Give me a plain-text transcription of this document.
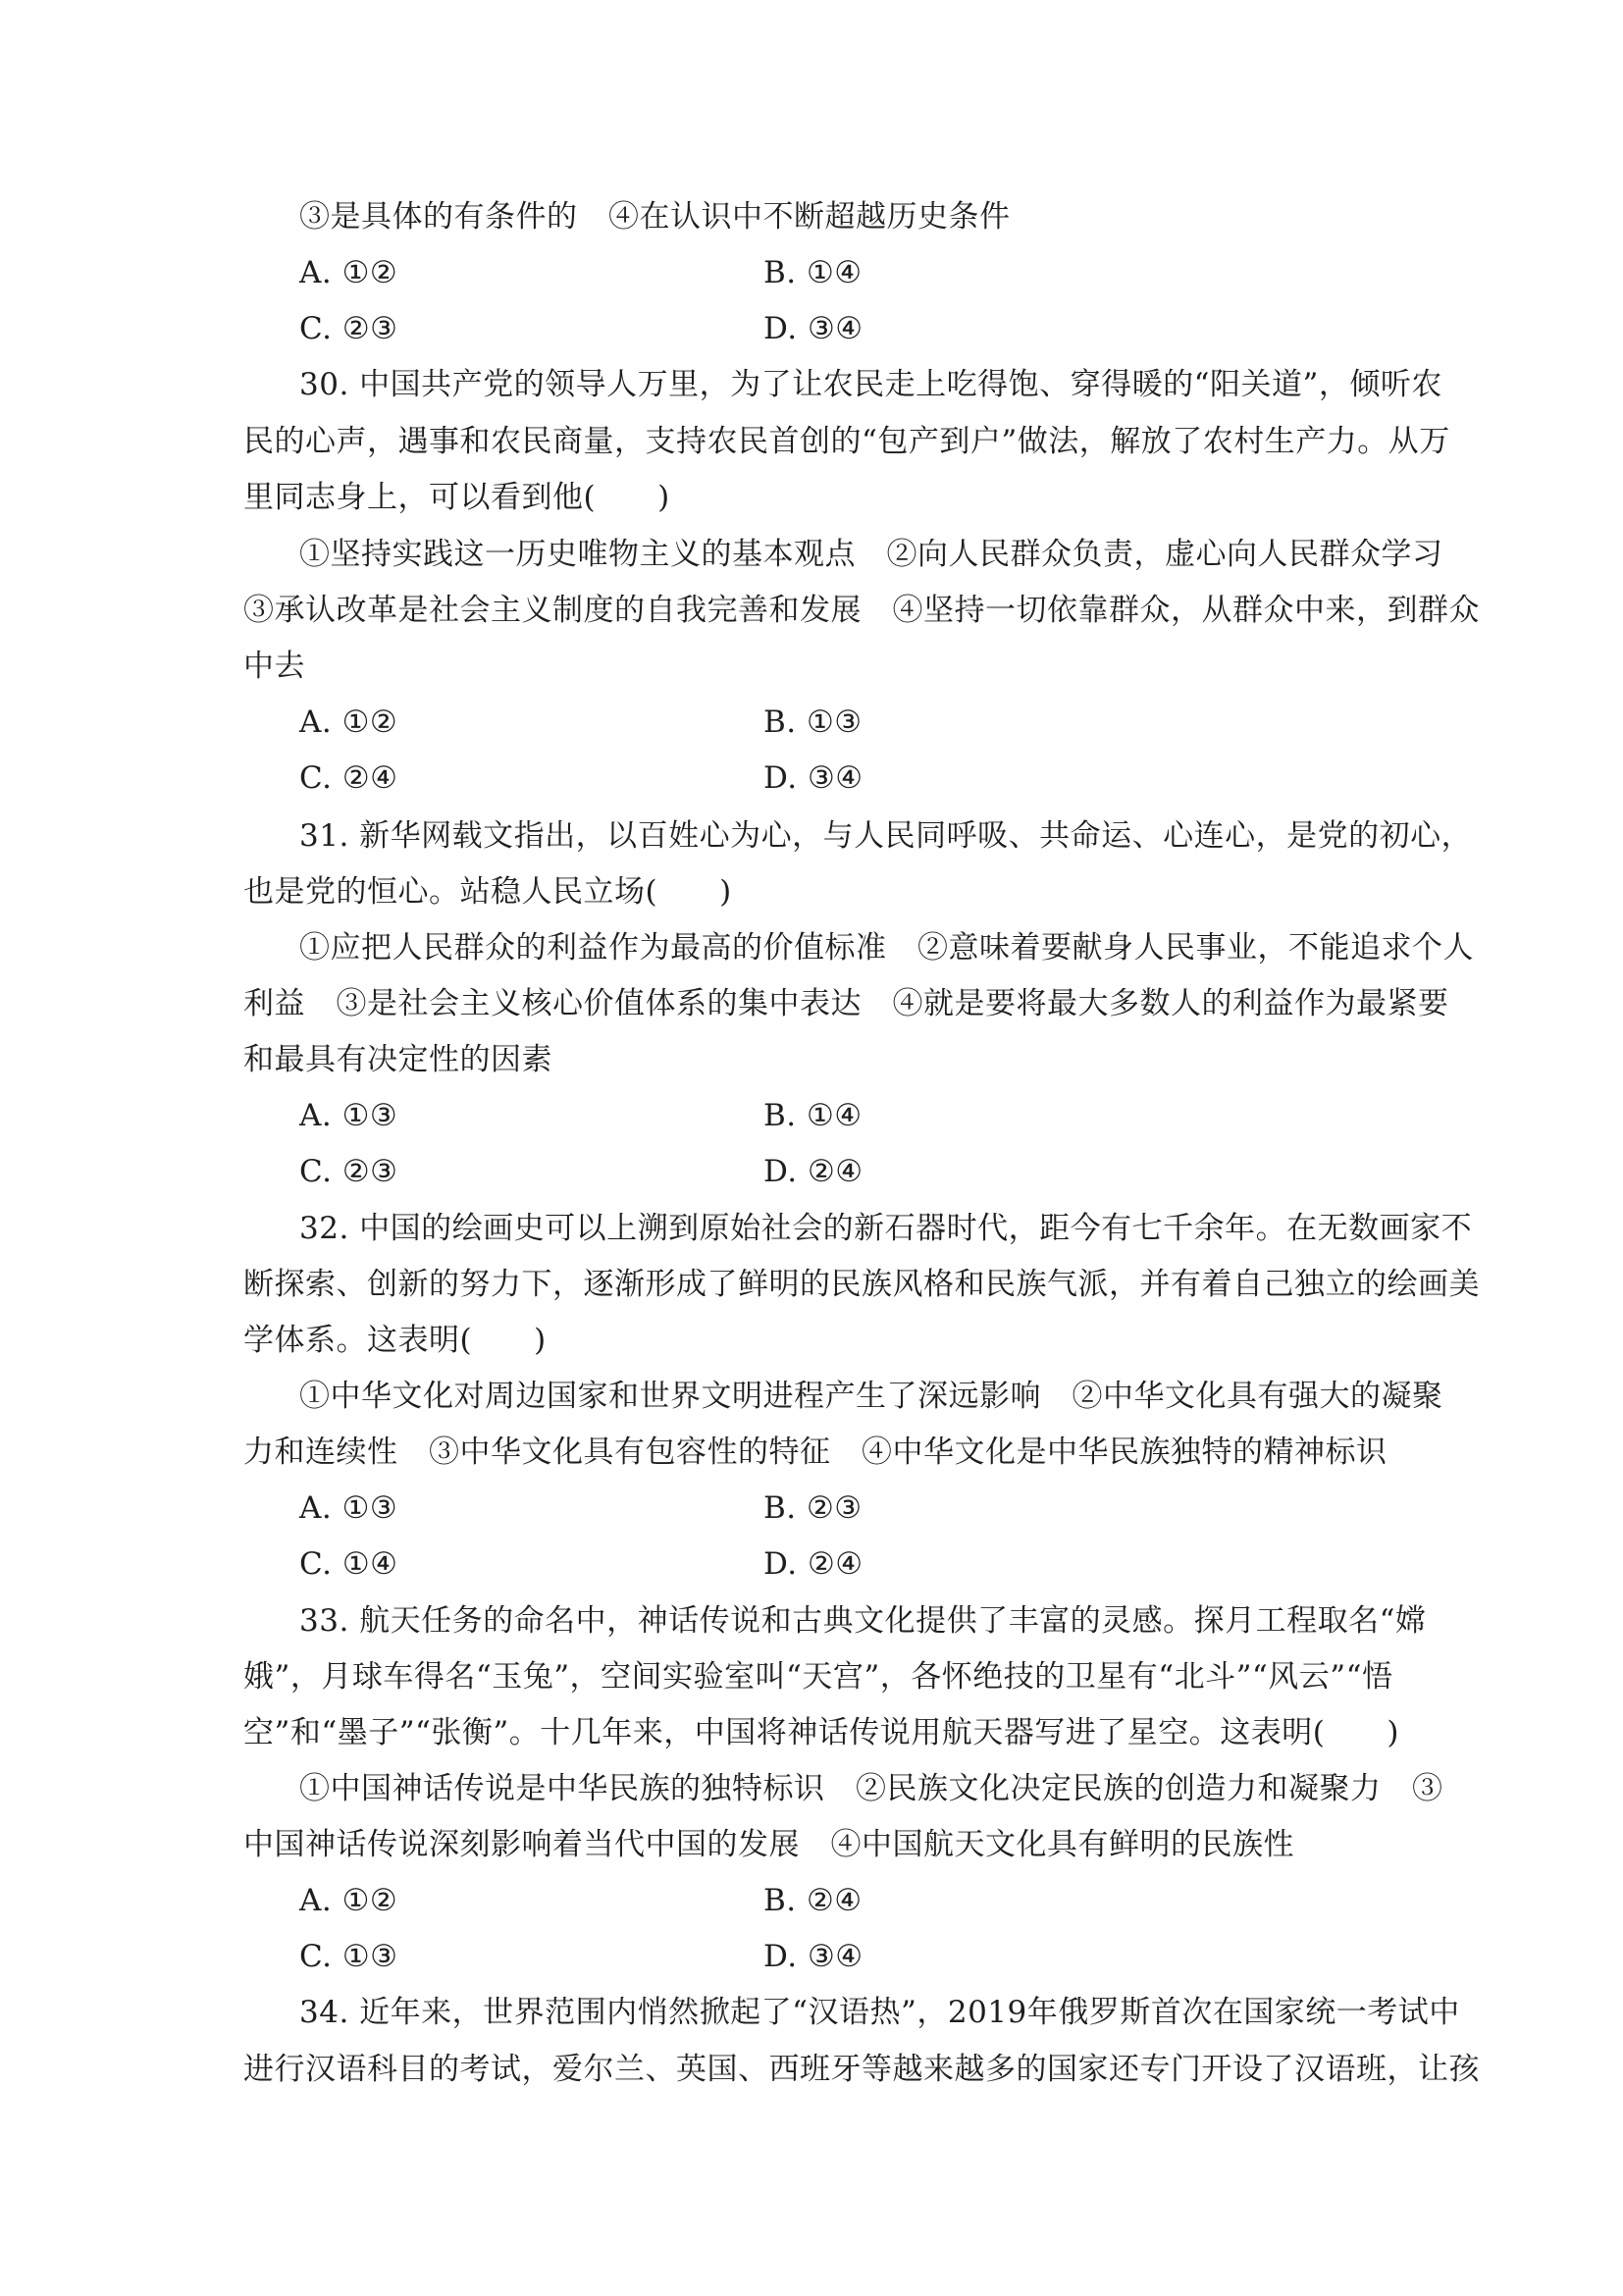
③是具体的有条件的　④在认识中不断超越历史条件
A. ①②	B. ①④
C. ②③	D. ③④
30. 中国共产党的领导人万里，为了让农民走上吃得饱、穿得暖的“阳关道”，倾听农
民的心声，遇事和农民商量，支持农民首创的“包产到户”做法，解放了农村生产力。从万
里同志身上，可以看到他(　　)
①坚持实践这一历史唯物主义的基本观点　②向人民群众负责，虚心向人民群众学习
③承认改革是社会主义制度的自我完善和发展　④坚持一切依靠群众，从群众中来，到群众
中去
A. ①②	B. ①③
C. ②④	D. ③④
31. 新华网载文指出，以百姓心为心，与人民同呼吸、共命运、心连心，是党的初心，
也是党的恒心。站稳人民立场(　　)
①应把人民群众的利益作为最高的价值标准　②意味着要献身人民事业，不能追求个人
利益　③是社会主义核心价值体系的集中表达　④就是要将最大多数人的利益作为最紧要
和最具有决定性的因素
A. ①③	B. ①④
C. ②③	D. ②④
32. 中国的绘画史可以上溯到原始社会的新石器时代，距今有七千余年。在无数画家不
断探索、创新的努力下，逐渐形成了鲜明的民族风格和民族气派，并有着自己独立的绘画美
学体系。这表明(　　)
①中华文化对周边国家和世界文明进程产生了深远影响　②中华文化具有强大的凝聚
力和连续性　③中华文化具有包容性的特征　④中华文化是中华民族独特的精神标识
A. ①③	B. ②③
C. ①④	D. ②④
33. 航天任务的命名中，神话传说和古典文化提供了丰富的灵感。探月工程取名“嫦
娥”，月球车得名“玉兔”，空间实验室叫“天宫”，各怀绝技的卫星有“北斗”“风云”“悟
空”和“墨子”“张衡”。十几年来，中国将神话传说用航天器写进了星空。这表明(　　)
①中国神话传说是中华民族的独特标识　②民族文化决定民族的创造力和凝聚力　③
中国神话传说深刻影响着当代中国的发展　④中国航天文化具有鲜明的民族性
A. ①②	B. ②④
C. ①③	D. ③④
34. 近年来，世界范围内悄然掀起了“汉语热”，2019年俄罗斯首次在国家统一考试中
进行汉语科目的考试，爱尔兰、英国、西班牙等越来越多的国家还专门开设了汉语班，让孩
